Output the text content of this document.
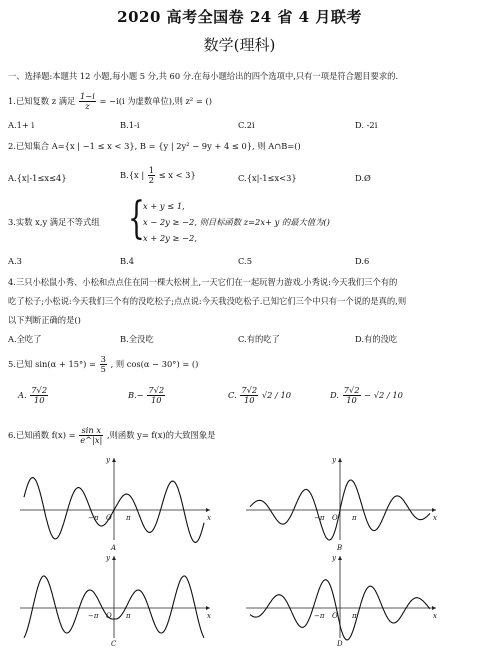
2020 高考全国卷 24 省 4 月联考
数学(理科)
一、选择题:本题共 12 小题,每小题 5 分,共 60 分.在每小题给出的四个选项中,只有一项是符合题目要求的.
1.已知复数 z 满足 $\frac{1-i}{z} = -i(i$ 为虚数单位),则 z² = ()
A.1+ i	B.1-i	C.2i	D. -2i
2.已知集合 A={x | −1 ≤ x < 3}, B = {y | 2y² − 9y + 4 ≤ 0}, 则 A∩B=()
A.{x|-1≤x≤4}	B.{x | $\frac{1}{2} \le x < 3$}	C.{x|-1≤x<3}	D.Ø
3.实数 x,y 满足不等式组 {
x + y ≤ 1,
x − 2y ≥ −2, 则目标函数 z=2x+ y 的最大值为()
x + 2y ≥ −2,
A.3	B.4	C.5	D.6
4.三只小松鼠小秀、小松和点点住在同一棵大松树上,一天它们在一起玩智力游戏.小秀说:今天我们三个有的
吃了松子;小松说:今天我们三个有的没吃松子;点点说:今天我没吃松子.已知它们三个中只有一个说的是真的,则
以下判断正确的是()
A.全吃了	B.全没吃	C.有的吃了	D.有的没吃
5.已知 $\sin(\alpha + 15^\circ) = \frac{3}{5}$ , 则 cos(α − 30°) = ()
A. $\frac{7√2}{10}$	$B.- \frac{7√2}{10}$	C. $\frac{7√2}{10} √2 / 10$	D. $\frac{7√2}{10} - √2 / 10$
6.已知函数 $f(x) = \frac{\text{sin x}}{e\^{}|x|}$ ,则函数 y= f(x)的大致图象是
y
x
O
−π	π
A
y
x
O
−π	π
B
y
x
O
−π	π
C
y
x
O
−π	π
D
